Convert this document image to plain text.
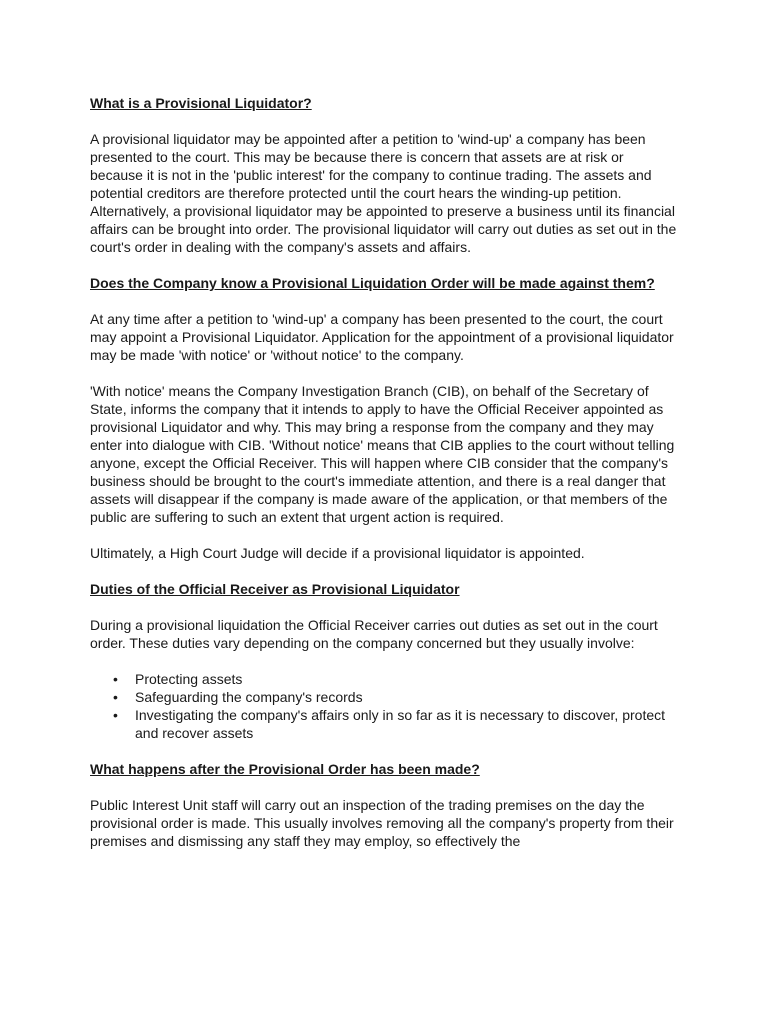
What is a Provisional Liquidator?

A provisional liquidator may be appointed after a petition to 'wind-up' a company has been presented to the court. This may be because there is concern that assets are at risk or because it is not in the 'public interest' for the company to continue trading. The assets and potential creditors are therefore protected until the court hears the winding-up petition. Alternatively, a provisional liquidator may be appointed to preserve a business until its financial affairs can be brought into order. The provisional liquidator will carry out duties as set out in the court's order in dealing with the company's assets and affairs.

Does the Company know a Provisional Liquidation Order will be made against them?

At any time after a petition to 'wind-up' a company has been presented to the court, the court may appoint a Provisional Liquidator. Application for the appointment of a provisional liquidator may be made 'with notice' or 'without notice' to the company.

'With notice' means the Company Investigation Branch (CIB), on behalf of the Secretary of State, informs the company that it intends to apply to have the Official Receiver appointed as provisional Liquidator and why. This may bring a response from the company and they may enter into dialogue with CIB. 'Without notice' means that CIB applies to the court without telling anyone, except the Official Receiver. This will happen where CIB consider that the company's business should be brought to the court's immediate attention, and there is a real danger that assets will disappear if the company is made aware of the application, or that members of the public are suffering to such an extent that urgent action is required.

Ultimately, a High Court Judge will decide if a provisional liquidator is appointed.

Duties of the Official Receiver as Provisional Liquidator

During a provisional liquidation the Official Receiver carries out duties as set out in the court order. These duties vary depending on the company concerned but they usually involve:

• Protecting assets
• Safeguarding the company's records
• Investigating the company's affairs only in so far as it is necessary to discover, protect and recover assets
What happens after the Provisional Order has been made?

Public Interest Unit staff will carry out an inspection of the trading premises on the day the provisional order is made. This usually involves removing all the company's property from their premises and dismissing any staff they may employ, so effectively the
